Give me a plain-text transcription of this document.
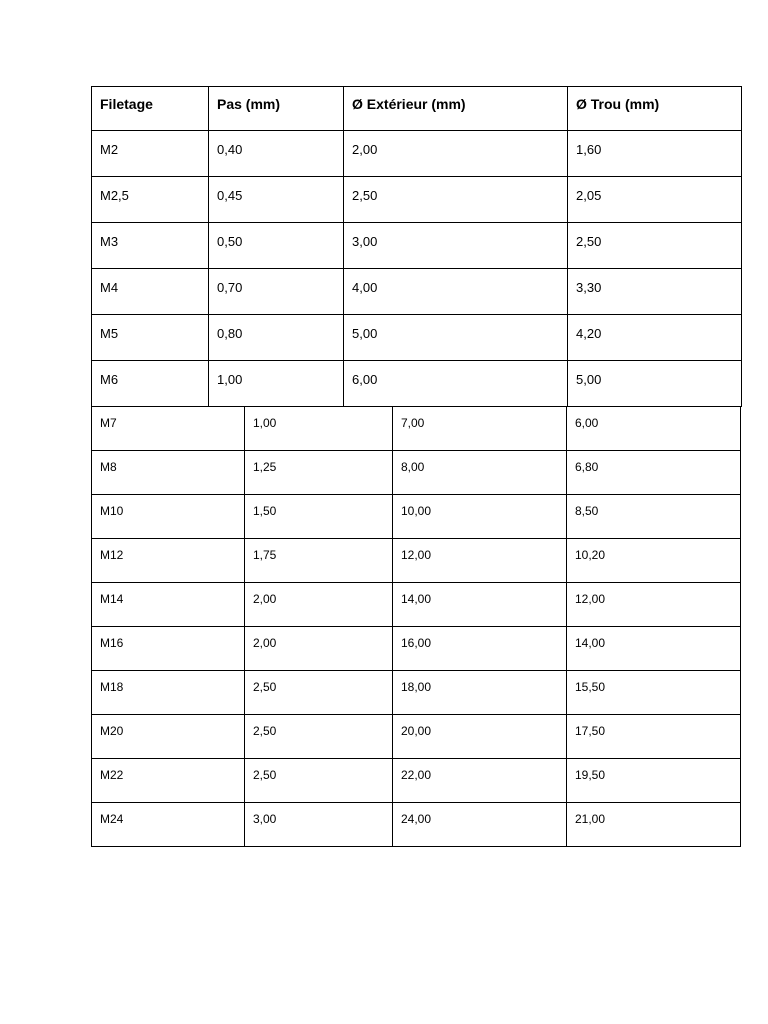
Filetage	Pas (mm)	Ø Extérieur (mm)	Ø Trou (mm)
M2	0,40	2,00	1,60
M2,5	0,45	2,50	2,05
M3	0,50	3,00	2,50
M4	0,70	4,00	3,30
M5	0,80	5,00	4,20
M6	1,00	6,00	5,00
M7	1,00	7,00	6,00
M8	1,25	8,00	6,80
M10	1,50	10,00	8,50
M12	1,75	12,00	10,20
M14	2,00	14,00	12,00
M16	2,00	16,00	14,00
M18	2,50	18,00	15,50
M20	2,50	20,00	17,50
M22	2,50	22,00	19,50
M24	3,00	24,00	21,00
